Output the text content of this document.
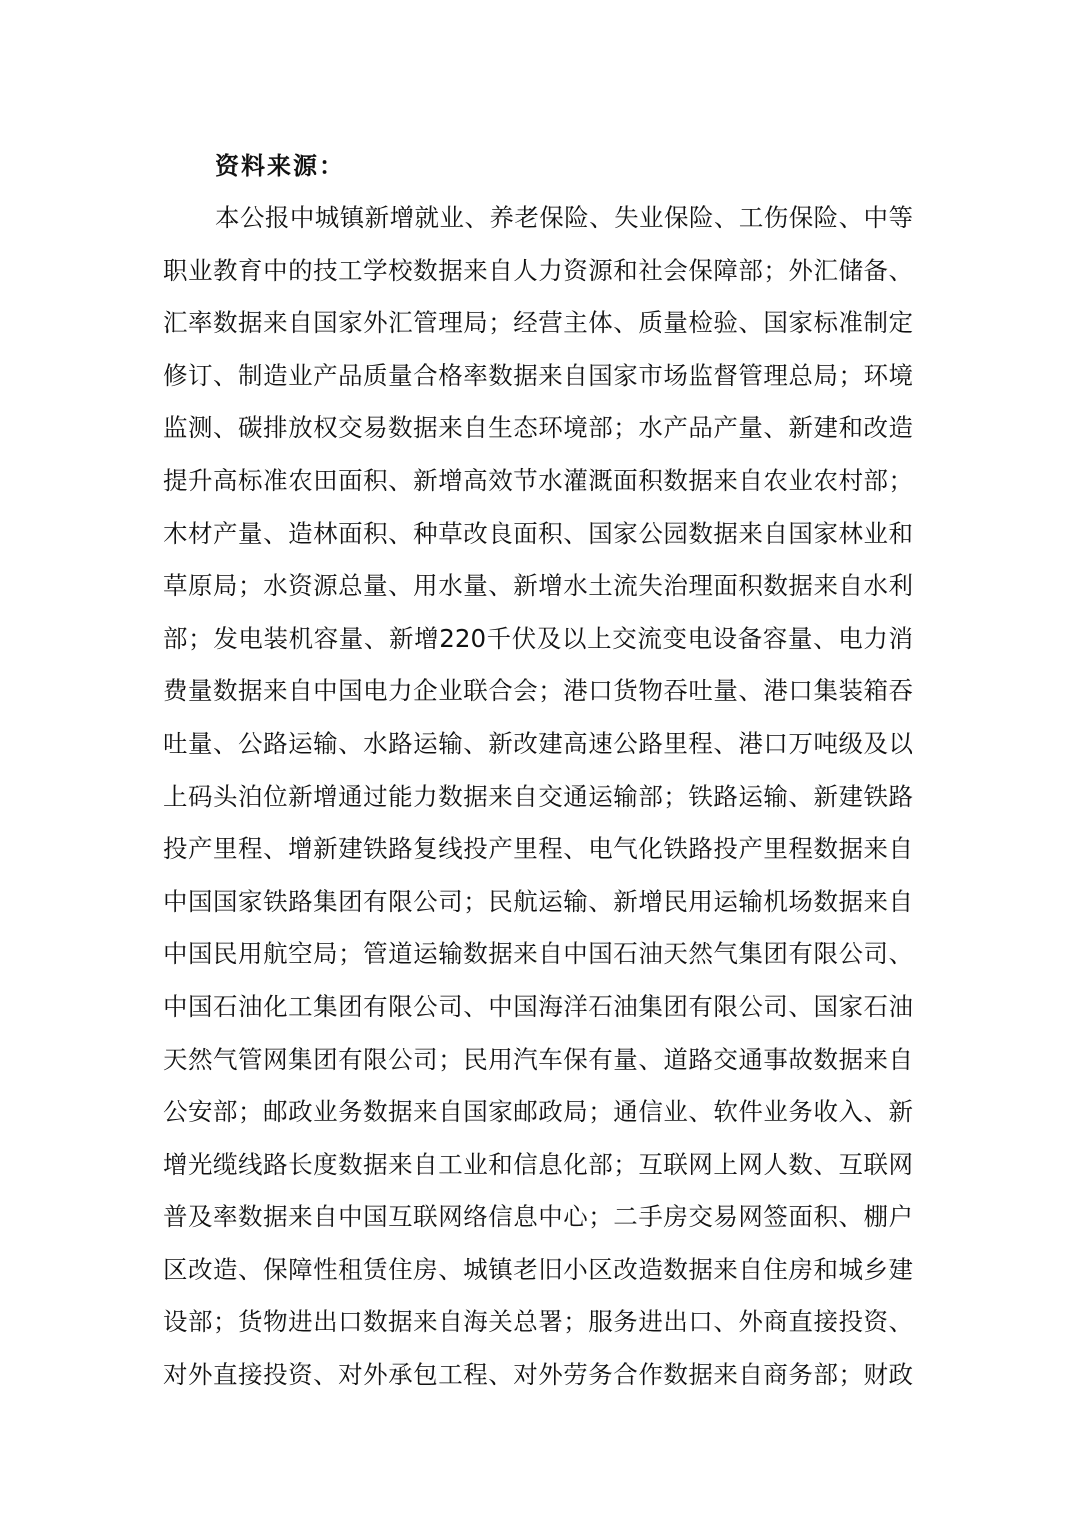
资料来源：
本公报中城镇新增就业、养老保险、失业保险、工伤保险、中等
职业教育中的技工学校数据来自人力资源和社会保障部；外汇储备、
汇率数据来自国家外汇管理局；经营主体、质量检验、国家标准制定
修订、制造业产品质量合格率数据来自国家市场监督管理总局；环境
监测、碳排放权交易数据来自生态环境部；水产品产量、新建和改造
提升高标准农田面积、新增高效节水灌溉面积数据来自农业农村部；
木材产量、造林面积、种草改良面积、国家公园数据来自国家林业和
草原局；水资源总量、用水量、新增水土流失治理面积数据来自水利
部；发电装机容量、新增220千伏及以上交流变电设备容量、电力消
费量数据来自中国电力企业联合会；港口货物吞吐量、港口集装箱吞
吐量、公路运输、水路运输、新改建高速公路里程、港口万吨级及以
上码头泊位新增通过能力数据来自交通运输部；铁路运输、新建铁路
投产里程、增新建铁路复线投产里程、电气化铁路投产里程数据来自
中国国家铁路集团有限公司；民航运输、新增民用运输机场数据来自
中国民用航空局；管道运输数据来自中国石油天然气集团有限公司、
中国石油化工集团有限公司、中国海洋石油集团有限公司、国家石油
天然气管网集团有限公司；民用汽车保有量、道路交通事故数据来自
公安部；邮政业务数据来自国家邮政局；通信业、软件业务收入、新
增光缆线路长度数据来自工业和信息化部；互联网上网人数、互联网
普及率数据来自中国互联网络信息中心；二手房交易网签面积、棚户
区改造、保障性租赁住房、城镇老旧小区改造数据来自住房和城乡建
设部；货物进出口数据来自海关总署；服务进出口、外商直接投资、
对外直接投资、对外承包工程、对外劳务合作数据来自商务部；财政
